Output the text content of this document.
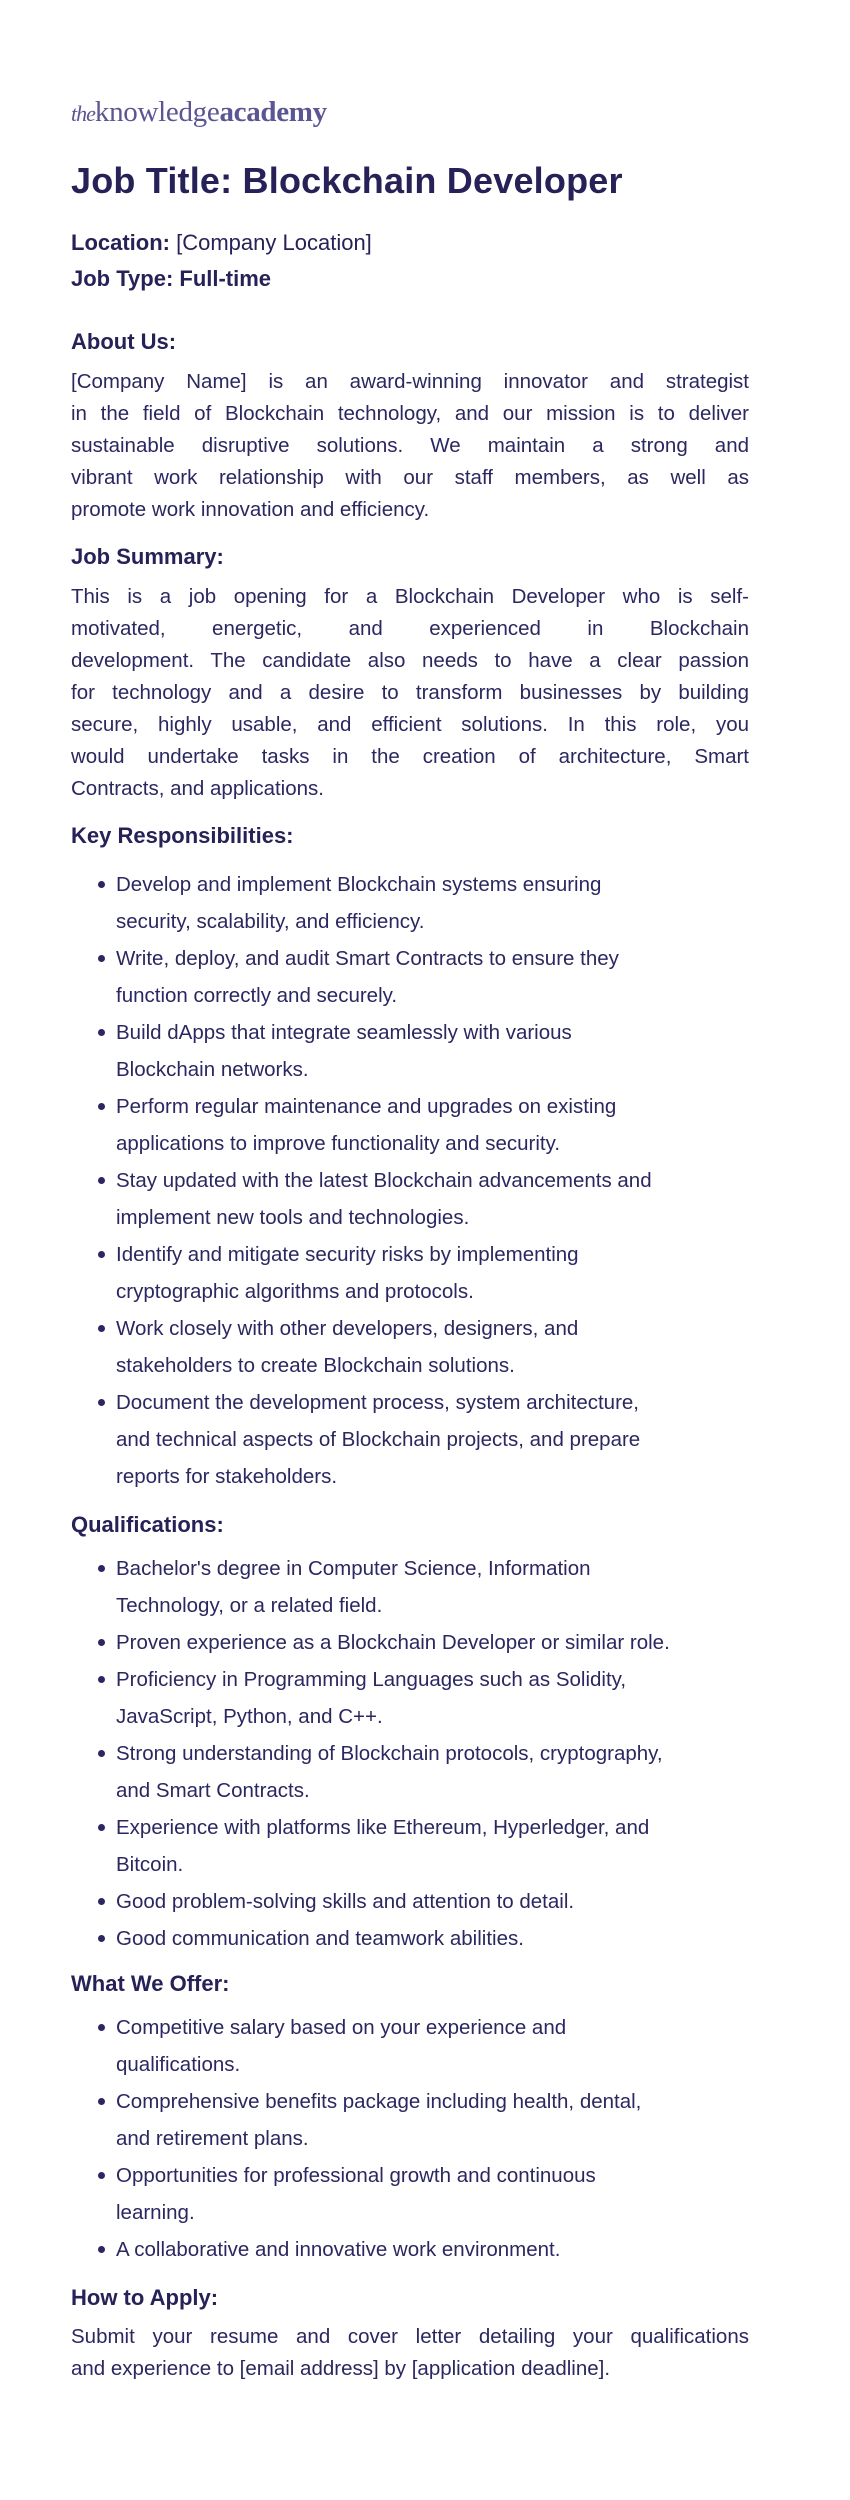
theknowledgeacademy
Job Title: Blockchain Developer
Location: [Company Location]
Job Type: Full-time
About Us:
[Company Name] is an award-winning innovator and strategist
in the field of Blockchain technology, and our mission is to deliver
sustainable disruptive solutions. We maintain a strong and
vibrant work relationship with our staff members, as well as
promote work innovation and efficiency.
Job Summary:
This is a job opening for a Blockchain Developer who is self-
motivated, energetic, and experienced in Blockchain
development. The candidate also needs to have a clear passion
for technology and a desire to transform businesses by building
secure, highly usable, and efficient solutions. In this role, you
would undertake tasks in the creation of architecture, Smart
Contracts, and applications.
Key Responsibilities:
Develop and implement Blockchain systems ensuring
security, scalability, and efficiency.
Write, deploy, and audit Smart Contracts to ensure they
function correctly and securely.
Build dApps that integrate seamlessly with various
Blockchain networks.
Perform regular maintenance and upgrades on existing
applications to improve functionality and security.
Stay updated with the latest Blockchain advancements and
implement new tools and technologies.
Identify and mitigate security risks by implementing
cryptographic algorithms and protocols.
Work closely with other developers, designers, and
stakeholders to create Blockchain solutions.
Document the development process, system architecture,
and technical aspects of Blockchain projects, and prepare
reports for stakeholders.
Qualifications:
Bachelor's degree in Computer Science, Information
Technology, or a related field.
Proven experience as a Blockchain Developer or similar role.
Proficiency in Programming Languages such as Solidity,
JavaScript, Python, and C++.
Strong understanding of Blockchain protocols, cryptography,
and Smart Contracts.
Experience with platforms like Ethereum, Hyperledger, and
Bitcoin.
Good problem-solving skills and attention to detail.
Good communication and teamwork abilities.
What We Offer:
Competitive salary based on your experience and
qualifications.
Comprehensive benefits package including health, dental,
and retirement plans.
Opportunities for professional growth and continuous
learning.
A collaborative and innovative work environment.
How to Apply:
Submit your resume and cover letter detailing your qualifications
and experience to [email address] by [application deadline].
